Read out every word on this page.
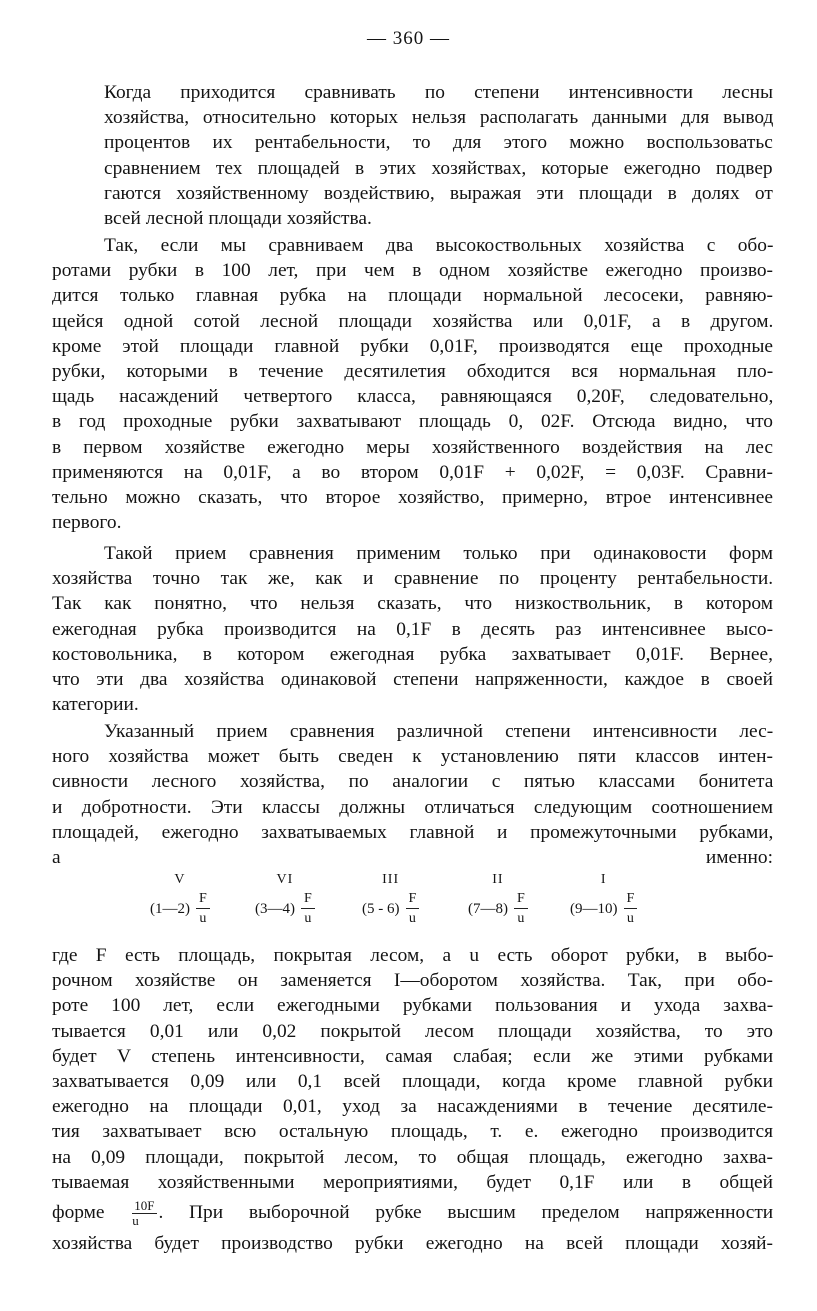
— 360 —

Когда приходится сравнивать по степени интенсивности лесны
хозяйства, относительно которых нельзя располагать данными для вывод
процентов их рентабельности, то для этого можно воспользоватьс
сравнением тех площадей в этих хозяйствах, которые ежегодно подвер
гаются хозяйственному воздействию, выражая эти площади в долях от
всей лесной площади хозяйства.

Так, если мы сравниваем два высокоствольных хозяйства с обо-
ротами рубки в 100 лет, при чем в одном хозяйстве ежегодно произво-
дится только главная рубка на площади нормальной лесосеки, равняю-
щейся одной сотой лесной площади хозяйства или 0,01F, а в другом.
кроме этой площади главной рубки 0,01F, производятся еще проходные
рубки, которыми в течение десятилетия обходится вся нормальная пло-
щадь насаждений четвертого класса, равняющаяся 0,20F, следовательно,
в год проходные рубки захватывают площадь 0, 02F. Отсюда видно, что
в первом хозяйстве ежегодно меры хозяйственного воздействия на лес
применяются на 0,01F, а во втором 0,01F + 0,02F, = 0,03F. Сравни-
тельно можно сказать, что второе хозяйство, примерно, втрое интенсивнее
первого.

Такой прием сравнения применим только при одинаковости форм
хозяйства точно так же, как и сравнение по проценту рентабельности.
Так как понятно, что нельзя сказать, что низкоствольник, в котором
ежегодная рубка производится на 0,1F в десять раз интенсивнее высо-
костовольника, в котором ежегодная рубка захватывает 0,01F. Вернее,
что эти два хозяйства одинаковой степени напряженности, каждое в своей
категории.

Указанный прием сравнения различной степени интенсивности лес-
ного хозяйства может быть сведен к установлению пяти классов интен-
сивности лесного хозяйства, по аналогии с пятью классами бонитета
и добротности. Эти классы должны отличаться следующим соотношением
площадей, ежегодно захватываемых главной и промежуточными рубками,
а именно:

V
(1—2) $\frac{F}{u}$
VI
(3—4) $\frac{F}{u}$
III
$(5 - 6) \frac{F}{u}$
II
(7—8) $\frac{F}{u}$
I
(9—10) $\frac{F}{u}$

где F есть площадь, покрытая лесом, а u есть оборот рубки, в выбо-
рочном хозяйстве он заменяется I—оборотом хозяйства. Так, при обо-
роте 100 лет, если ежегодными рубками пользования и ухода захва-
тывается 0,01 или 0,02 покрытой лесом площади хозяйства, то это
будет V степень интенсивности, самая слабая; если же этими рубками
захватывается 0,09 или 0,1 всей площади, когда кроме главной рубки
ежегодно на площади 0,01, уход за насаждениями в течение десятиле-
тия захватывает всю остальную площадь, т. е. ежегодно производится
на 0,09 площади, покрытой лесом, то общая площадь, ежегодно захва-
тываемая хозяйственными мероприятиями, будет 0,1F или в общей
форме $\frac{10F}{u}$ . При выборочной рубке высшим пределом напряженности
хозяйства будет производство рубки ежегодно на всей площади хозяй-
